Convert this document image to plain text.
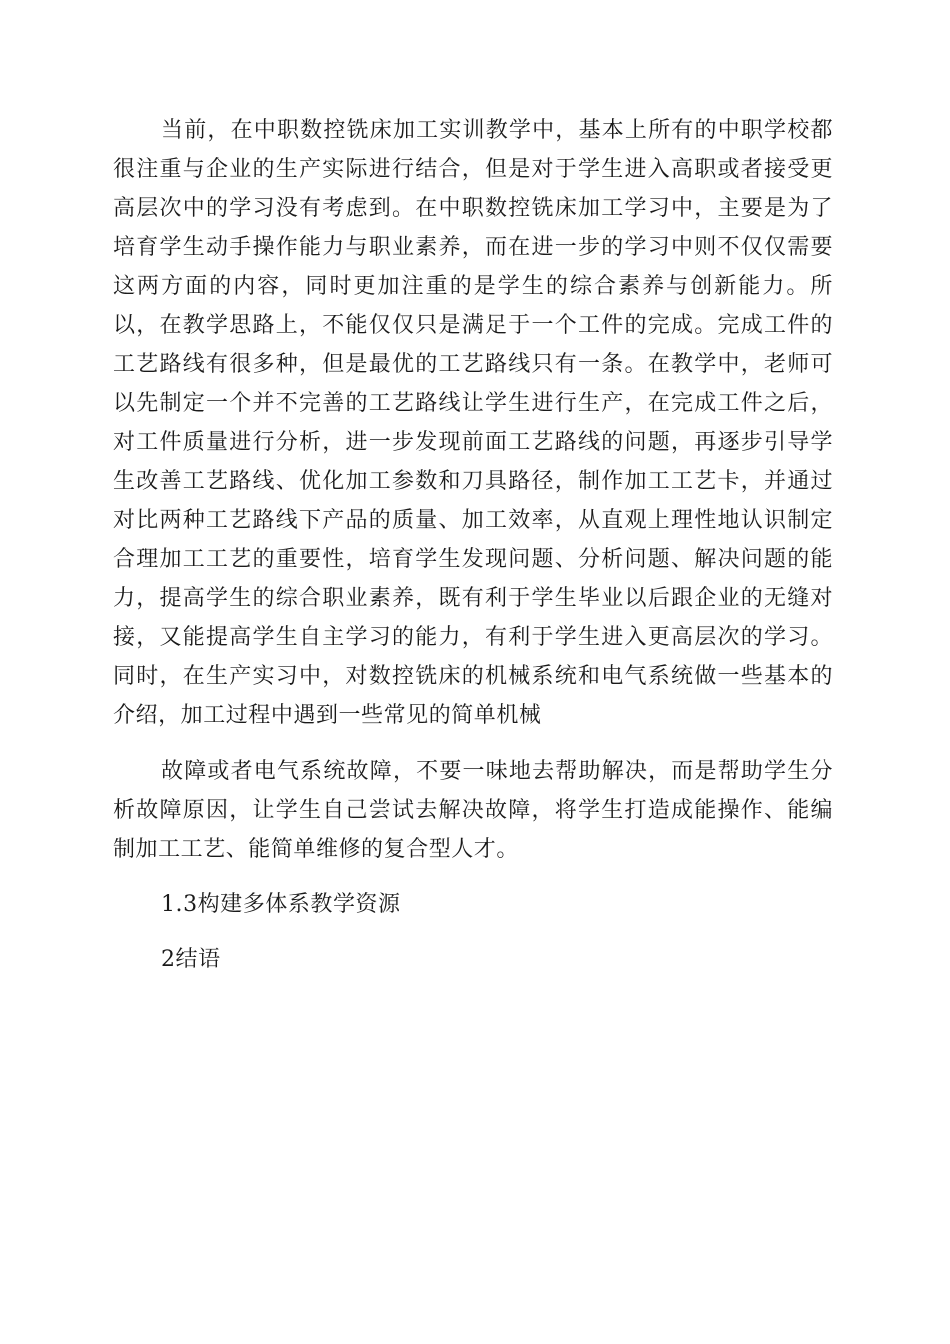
当前，在中职数控铣床加工实训教学中，基本上所有的中职学校都很注重与企业的生产实际进行结合，但是对于学生进入高职或者接受更高层次中的学习没有考虑到。在中职数控铣床加工学习中，主要是为了培育学生动手操作能力与职业素养，而在进一步的学习中则不仅仅需要这两方面的内容，同时更加注重的是学生的综合素养与创新能力。所以，在教学思路上，不能仅仅只是满足于一个工件的完成。完成工件的工艺路线有很多种，但是最优的工艺路线只有一条。在教学中，老师可以先制定一个并不完善的工艺路线让学生进行生产，在完成工件之后，对工件质量进行分析，进一步发现前面工艺路线的问题，再逐步引导学生改善工艺路线、优化加工参数和刀具路径，制作加工工艺卡，并通过对比两种工艺路线下产品的质量、加工效率，从直观上理性地认识制定合理加工工艺的重要性，培育学生发现问题、分析问题、解决问题的能力，提高学生的综合职业素养，既有利于学生毕业以后跟企业的无缝对接，又能提高学生自主学习的能力，有利于学生进入更高层次的学习。同时，在生产实习中，对数控铣床的机械系统和电气系统做一些基本的介绍，加工过程中遇到一些常见的简单机械

故障或者电气系统故障，不要一味地去帮助解决，而是帮助学生分析故障原因，让学生自己尝试去解决故障，将学生打造成能操作、能编制加工工艺、能简单维修的复合型人才。

1.3构建多体系教学资源

2结语
